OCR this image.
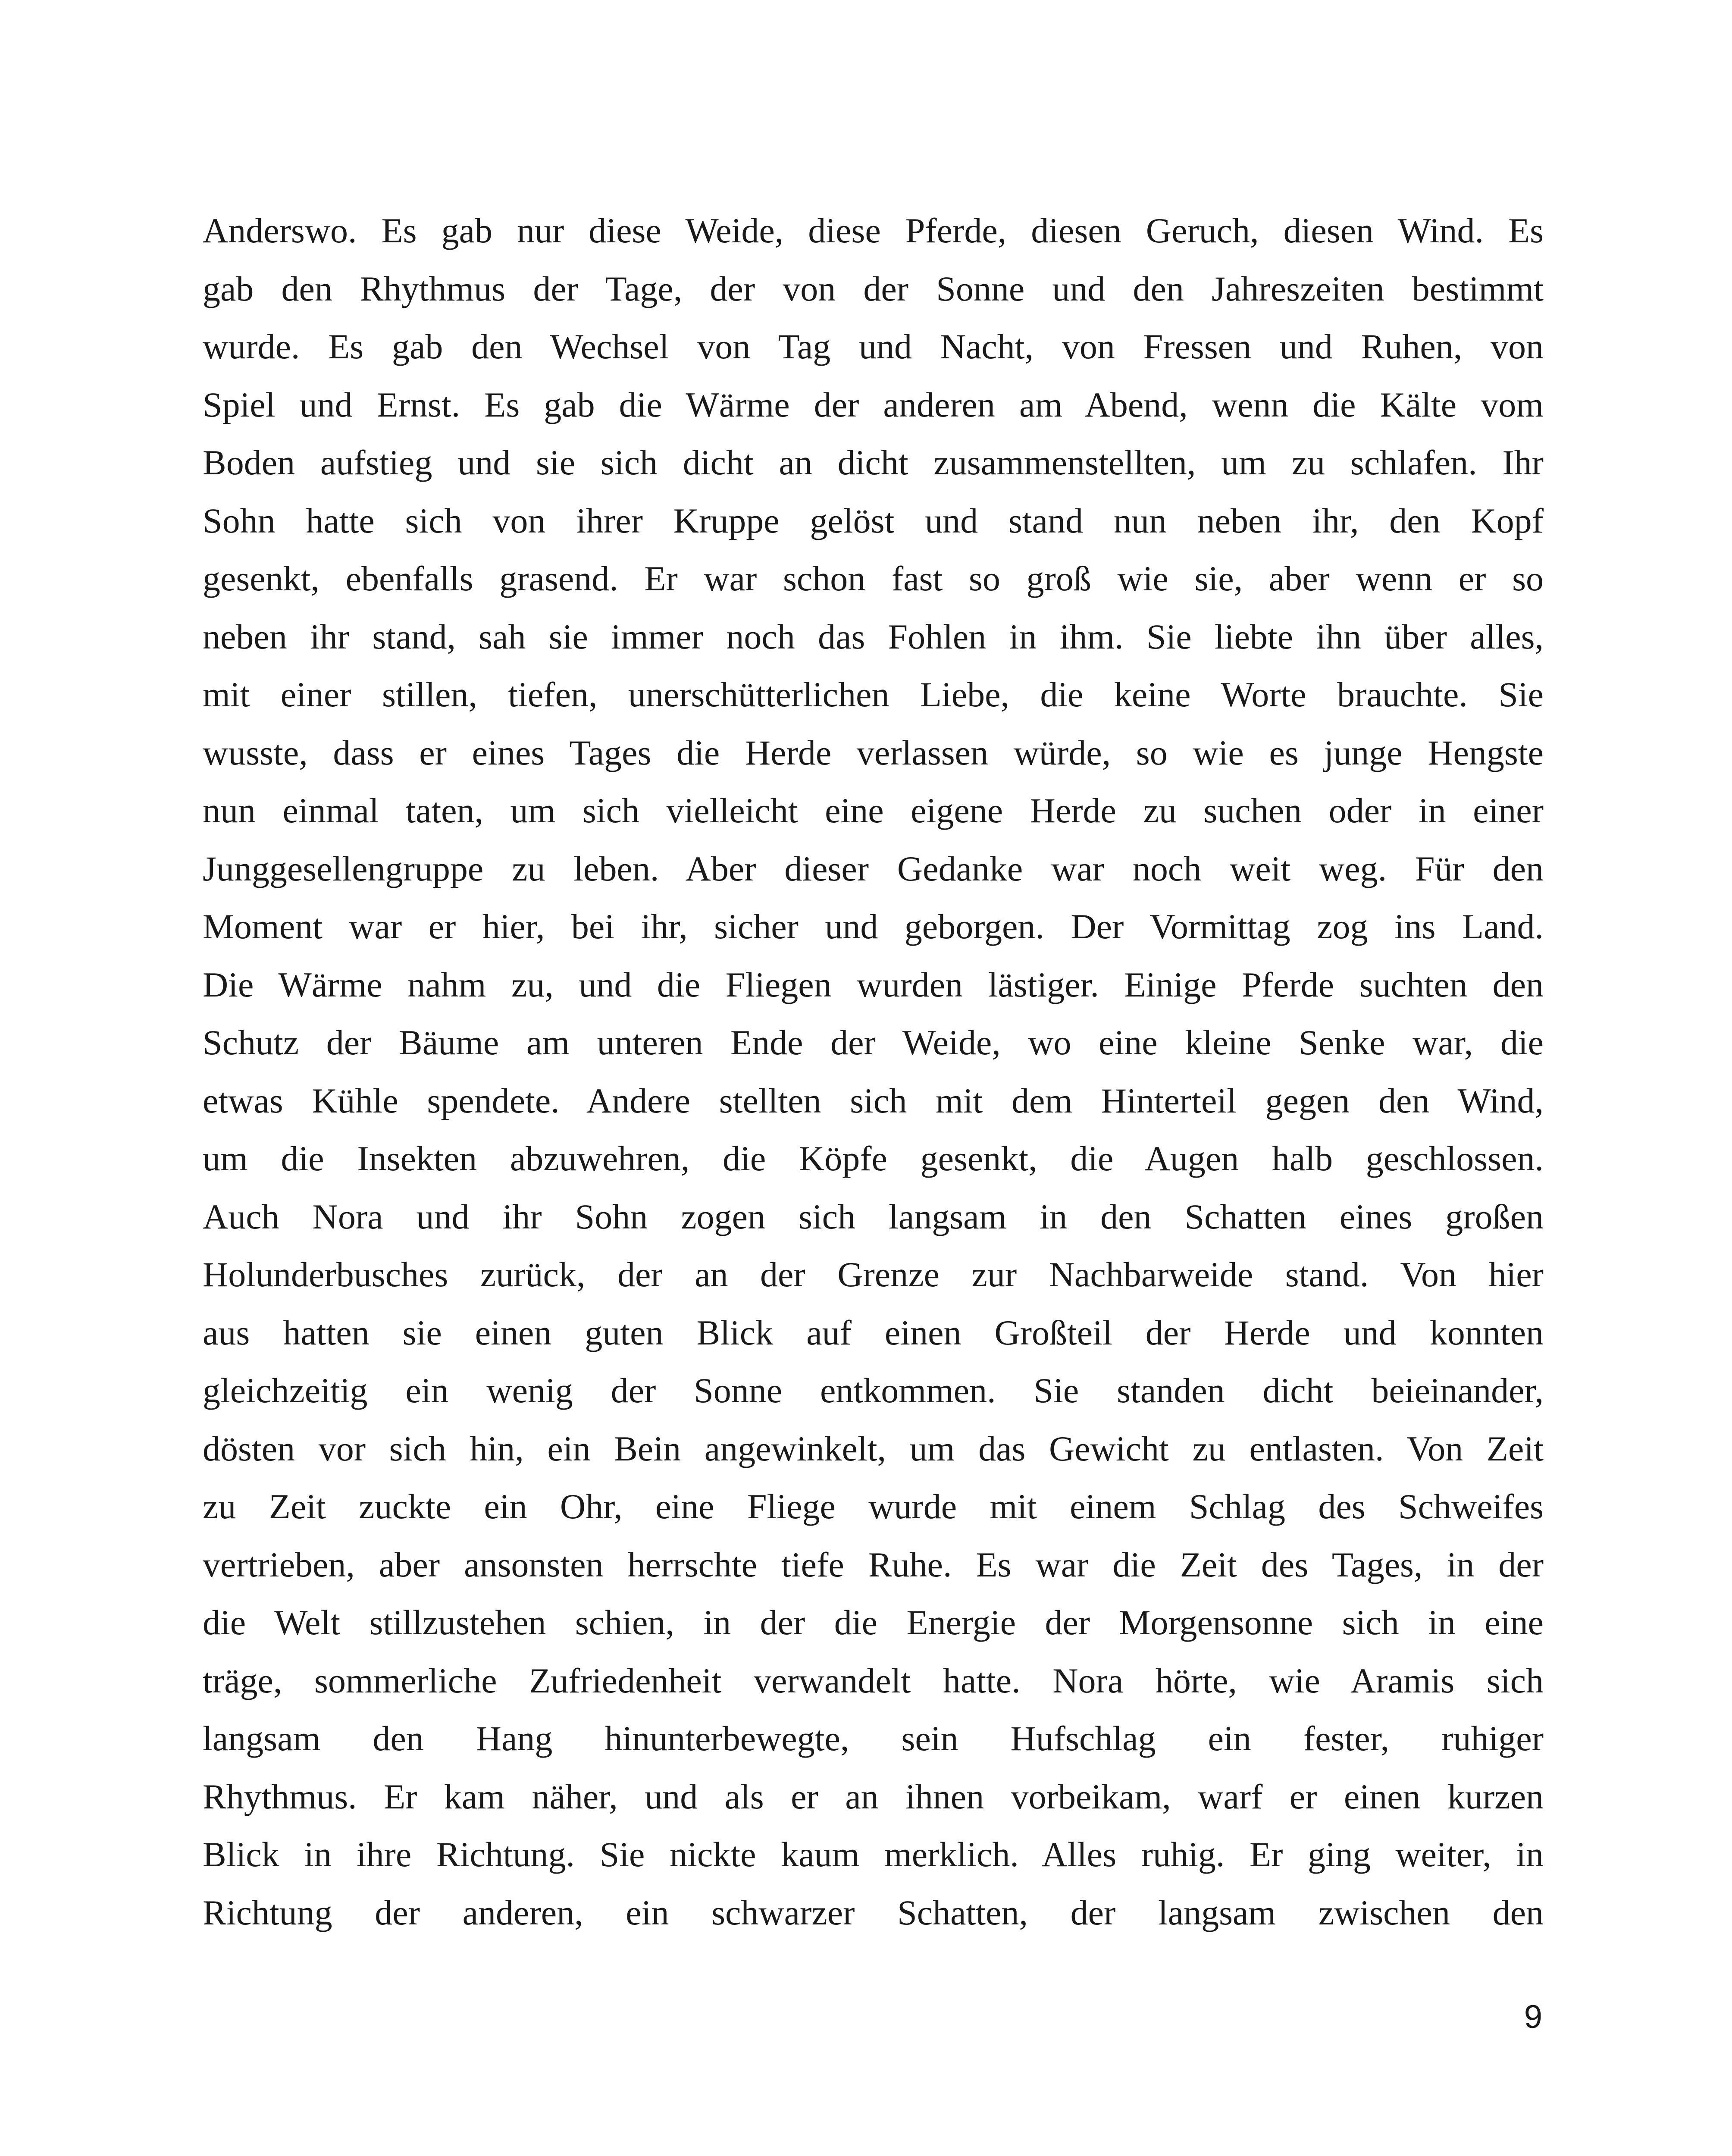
Anderswo. Es gab nur diese Weide, diese Pferde, diesen Geruch, diesen Wind. Es
gab den Rhythmus der Tage, der von der Sonne und den Jahreszeiten bestimmt
wurde. Es gab den Wechsel von Tag und Nacht, von Fressen und Ruhen, von
Spiel und Ernst. Es gab die Wärme der anderen am Abend, wenn die Kälte vom
Boden aufstieg und sie sich dicht an dicht zusammenstellten, um zu schlafen. Ihr
Sohn hatte sich von ihrer Kruppe gelöst und stand nun neben ihr, den Kopf
gesenkt, ebenfalls grasend. Er war schon fast so groß wie sie, aber wenn er so
neben ihr stand, sah sie immer noch das Fohlen in ihm. Sie liebte ihn über alles,
mit einer stillen, tiefen, unerschütterlichen Liebe, die keine Worte brauchte. Sie
wusste, dass er eines Tages die Herde verlassen würde, so wie es junge Hengste
nun einmal taten, um sich vielleicht eine eigene Herde zu suchen oder in einer
Junggesellengruppe zu leben. Aber dieser Gedanke war noch weit weg. Für den
Moment war er hier, bei ihr, sicher und geborgen. Der Vormittag zog ins Land.
Die Wärme nahm zu, und die Fliegen wurden lästiger. Einige Pferde suchten den
Schutz der Bäume am unteren Ende der Weide, wo eine kleine Senke war, die
etwas Kühle spendete. Andere stellten sich mit dem Hinterteil gegen den Wind,
um die Insekten abzuwehren, die Köpfe gesenkt, die Augen halb geschlossen.
Auch Nora und ihr Sohn zogen sich langsam in den Schatten eines großen
Holunderbusches zurück, der an der Grenze zur Nachbarweide stand. Von hier
aus hatten sie einen guten Blick auf einen Großteil der Herde und konnten
gleichzeitig ein wenig der Sonne entkommen. Sie standen dicht beieinander,
dösten vor sich hin, ein Bein angewinkelt, um das Gewicht zu entlasten. Von Zeit
zu Zeit zuckte ein Ohr, eine Fliege wurde mit einem Schlag des Schweifes
vertrieben, aber ansonsten herrschte tiefe Ruhe. Es war die Zeit des Tages, in der
die Welt stillzustehen schien, in der die Energie der Morgensonne sich in eine
träge, sommerliche Zufriedenheit verwandelt hatte. Nora hörte, wie Aramis sich
langsam den Hang hinunterbewegte, sein Hufschlag ein fester, ruhiger
Rhythmus. Er kam näher, und als er an ihnen vorbeikam, warf er einen kurzen
Blick in ihre Richtung. Sie nickte kaum merklich. Alles ruhig. Er ging weiter, in
Richtung der anderen, ein schwarzer Schatten, der langsam zwischen den
9
